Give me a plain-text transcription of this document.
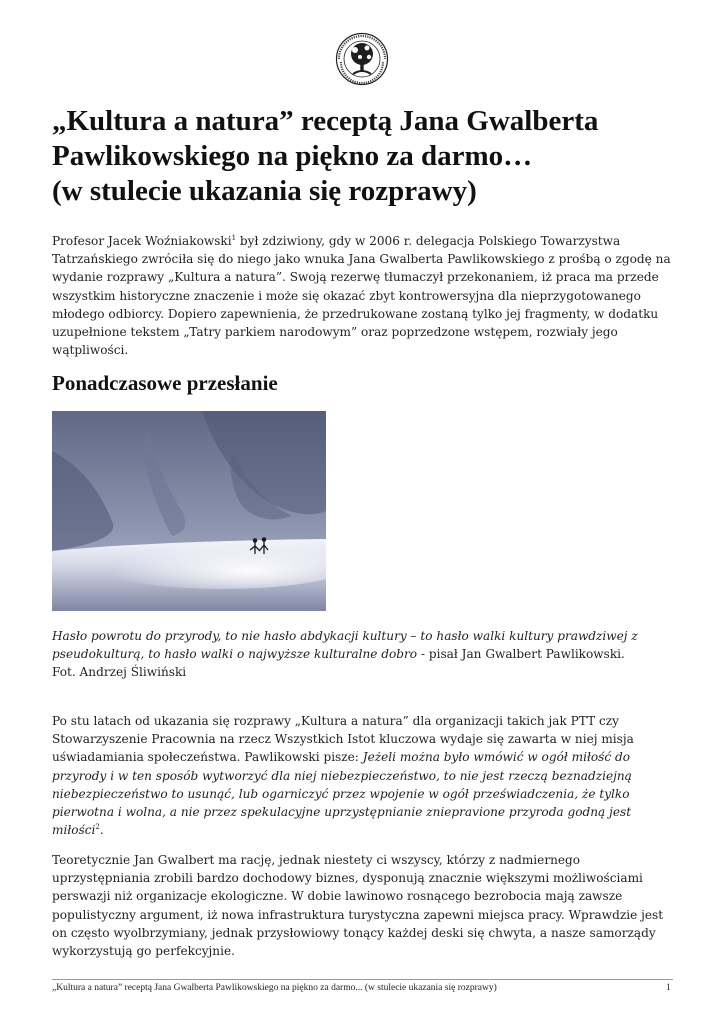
„Kultura a natura” receptą Jana Gwalberta
Pawlikowskiego na piękno za darmo…
(w stulecie ukazania się rozprawy)

Profesor Jacek Woźniakowski$^1$ był zdziwiony, gdy w 2006 r. delegacja Polskiego Towarzystwa Tatrzańskiego zwróciła się do niego jako wnuka Jana Gwalberta Pawlikowskiego z prośbą o zgodę na wydanie rozprawy „Kultura a natura”. Swoją rezerwę tłumaczył przekonaniem, iż praca ma przede wszystkim historyczne znaczenie i może się okazać zbyt kontrowersyjna dla nieprzygotowanego młodego odbiorcy. Dopiero zapewnienia, że przedrukowane zostaną tylko jej fragmenty, w dodatku uzupełnione tekstem „Tatry parkiem narodowym” oraz poprzedzone wstępem, rozwiały jego wątpliwości.

Ponadczasowe przesłanie

Hasło powrotu do przyrody, to nie hasło abdykacji kultury – to hasło walki kultury prawdziwej z pseudokulturą, to hasło walki o najwyższe kulturalne dobro - pisał Jan Gwalbert Pawlikowski.
Fot. Andrzej Śliwiński

Po stu latach od ukazania się rozprawy „Kultura a natura” dla organizacji takich jak PTT czy Stowarzyszenie Pracownia na rzecz Wszystkich Istot kluczowa wydaje się zawarta w niej misja uświadamiania społeczeństwa. Pawlikowski pisze: Jeżeli można było wmówić w ogół miłość do przyrody i w ten sposób wytworzyć dla niej niebezpieczeństwo, to nie jest rzeczą beznadziejną niebezpieczeństwo to usunąć, lub ogarniczyć przez wpojenie w ogół przeświadczenia, że tylko pierwotna i wolna, a nie przez spekulacyjne uprzystępnianie zniepravione przyroda godną jest miłości$^2$.

Teoretycznie Jan Gwalbert ma rację, jednak niestety ci wszyscy, którzy z nadmiernego uprzystępniania zrobili bardzo dochodowy biznes, dysponują znacznie większymi możliwościami perswazji niż organizacje ekologiczne. W dobie lawinowo rosnącego bezrobocia mają zawsze populistyczny argument, iż nowa infrastruktura turystyczna zapewni miejsca pracy. Wprawdzie jest on często wyolbrzymiany, jednak przysłowiowy tonący każdej deski się chwyta, a nasze samorządy wykorzystują go perfekcyjnie.

„Kultura a natura” receptą Jana Gwalberta Pawlikowskiego na piękno za darmo... (w stulecie ukazania się rozprawy)	1
